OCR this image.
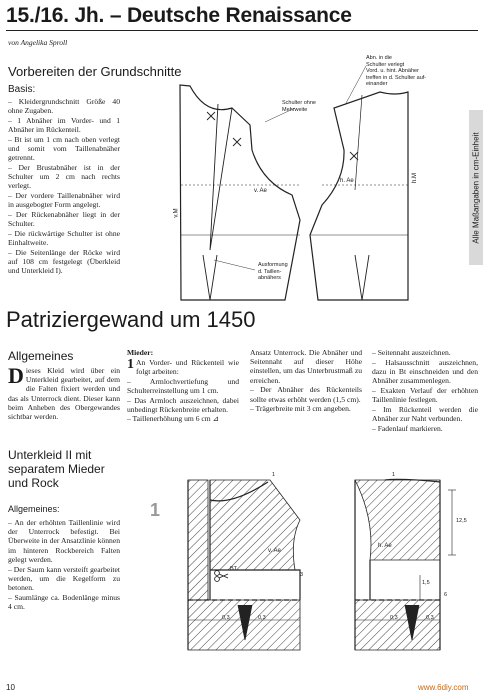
15./16. Jh. – Deutsche Renaissance
von Angelika Sproll
Alle Maßangaben in cm-Einheit
Vorbereiten der Grundschnitte
Basis:

– Kleidergrundschnitt Größe 40 ohne Zugaben.

– 1 Abnäher im Vorder- und 1 Abnäher im Rückenteil.

– Bt ist um 1 cm nach oben verlegt und somit vom Taillenabnäher getrennt.

– Der Brustabnäher ist in der Schulter um 2 cm nach rechts verlegt.

– Der vordere Taillenabnäher wird in ausgebogter Form angelegt.

– Der Rückenabnäher liegt in der Schulter.

– Die rückwärtige Schulter ist ohne Einhaltweite.

– Die Seitenlänge der Röcke wird auf 108 cm festgelegt (Überkleid und Unterkleid I).

Abn. in die
Schulter verlegt
Vord. u. hint. Abnäher
treffen in d. Schulter auf-
einander
Schulter ohne
Mehrweite
v. Ae
h. Ae
v.M
h.M
Ausformung
d. Taillen-
abnähers
Patriziergewand um 1450
Allgemeines
Dieses Kleid wird über ein Unterkleid gearbeitet, auf dem die Falten fixiert werden und das als Unterrock dient. Dieser kann beim Anheben des Obergewandes sichtbar werden.

Mieder:

1 An Vorder- und Rückenteil wie folgt arbeiten:

– Armlochvertiefung und Schulterreinstellung um 1 cm.

– Das Armloch auszeichnen, dabei unbedingt Rückenbreite erhalten.

– Taillenerhöhung um 6 cm ⊿

Ansatz Unterrock. Die Abnäher und Seitennaht auf dieser Höhe einstellen, um das Unterbrustmaß zu erreichen.

– Der Abnäher des Rückenteils sollte etwas erhöht werden (1,5 cm).

– Trägerbreite mit 3 cm angeben.

– Seitennaht auszeichnen.

– Halsausschnitt auszeichnen, dazu in Bt einschneiden und den Abnäher zusammenlegen.

– Exakten Verlauf der erhöhten Taillenlinie festlegen.

– Im Rückenteil werden die Abnäher zur Naht verbunden.

– Fadenlauf markieren.

Unterkleid II mit separatem Mieder und Rock
Allgemeines:

– An der erhöhten Taillenlinie wird der Unterrock befestigt. Bei Überweite in der Ansatzlinie können im hinteren Rockbereich Falten gelegt werden.

– Der Saum kann versteift gearbeitet werden, um die Kegelform zu betonen.

– Saumlänge ca. Bodenlänge minus 4 cm.

1
BT
v. Ae
h. Ae
0,3	0,3	0,3	0,3
1,5
6
1	1
12,5
3
10	www.6diy.com
